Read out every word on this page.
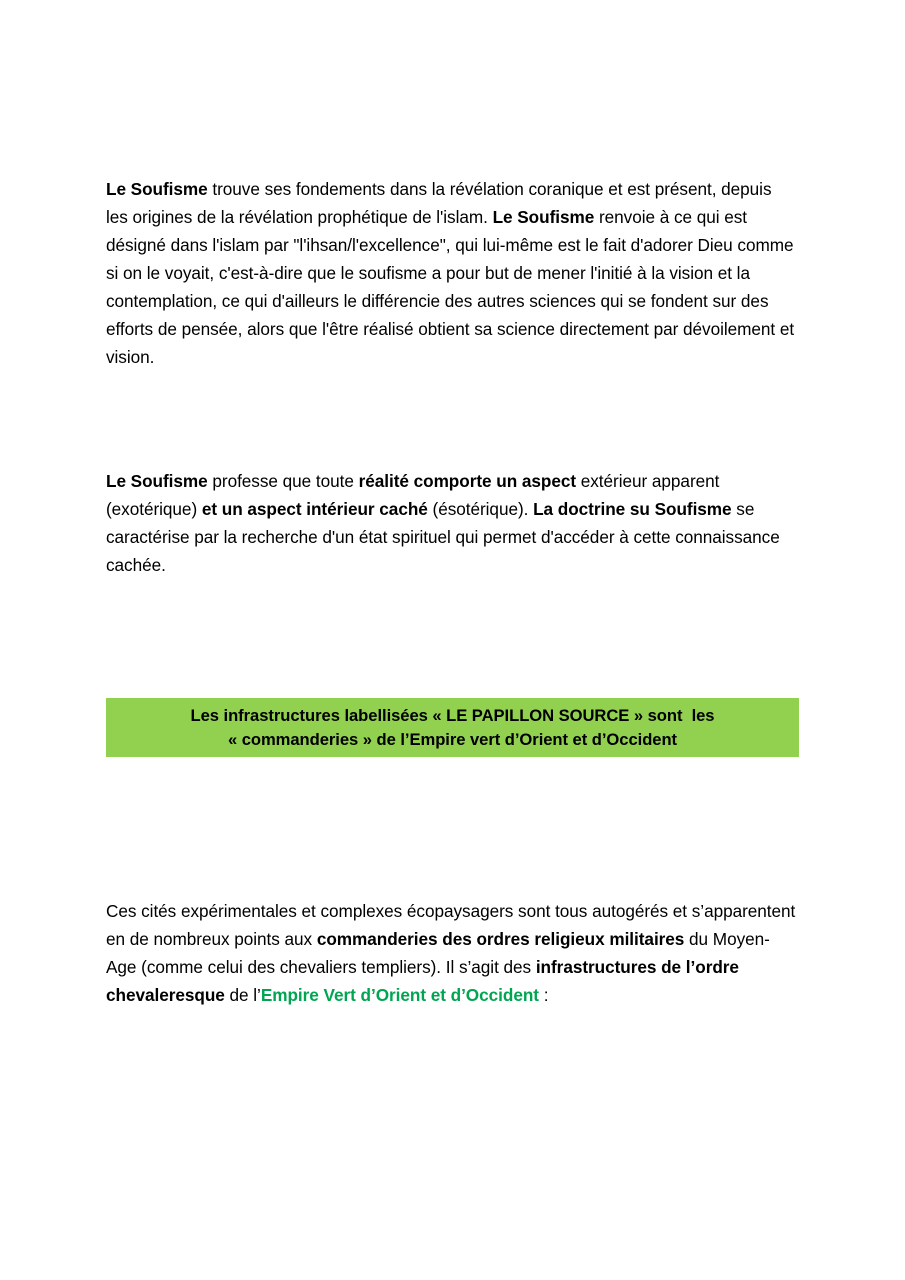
Le Soufisme trouve ses fondements dans la révélation coranique et est présent, depuis les origines de la révélation prophétique de l'islam. Le Soufisme renvoie à ce qui est désigné dans l'islam par "l'ihsan/l'excellence", qui lui-même est le fait d'adorer Dieu comme si on le voyait, c'est-à-dire que le soufisme a pour but de mener l'initié à la vision et la contemplation, ce qui d'ailleurs le différencie des autres sciences qui se fondent sur des efforts de pensée, alors que l'être réalisé obtient sa science directement par dévoilement et vision.

Le Soufisme professe que toute réalité comporte un aspect extérieur apparent (exotérique) et un aspect intérieur caché (ésotérique). La doctrine su Soufisme se caractérise par la recherche d'un état spirituel qui permet d'accéder à cette connaissance cachée.

Les infrastructures labellisées « LE PAPILLON SOURCE » sont  les
« commanderies » de l’Empire vert d’Orient et d’Occident

Ces cités expérimentales et complexes écopaysagers sont tous autogérés et s’apparentent en de nombreux points aux commanderies des ordres religieux militaires du Moyen-Age (comme celui des chevaliers templiers). Il s’agit des infrastructures de l’ordre chevaleresque de l’Empire Vert d’Orient et d’Occident :
